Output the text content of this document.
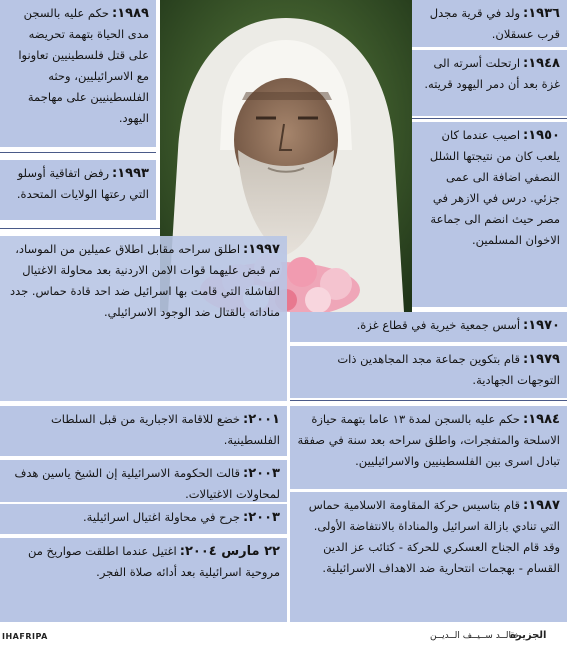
١٩٣٦:ولد في قرية مجدل قرب عسقلان.
١٩٤٨:ارتحلت أسرته الى غزة بعد أن دمر اليهود قريته.
١٩٥٠:اصيب عندما كان يلعب كان من نتيجتها الشلل النصفي اضافة الى عمى جزئي. درس في الازهر في مصر حيث انضم الى جماعة الاخوان المسلمين.
١٩٧٠:أسس جمعية خيرية في قطاع غزة.
١٩٧٩:قام بتكوين جماعة مجد المجاهدين ذات التوجهات الجهادية.
١٩٨٤:حكم عليه بالسجن لمدة ١٣ عاما بتهمة حيازة الاسلحة والمتفجرات، واطلق سراحه بعد سنة في صفقة تبادل اسرى بين الفلسطينيين والاسرائيليين.
١٩٨٧:قام بتاسيس حركة المقاومة الاسلامية حماس التي تنادي بازالة اسرائيل والمناداة بالانتفاضة الأولى. وقد قام الجناح العسكري للحركة - كتائب عز الدين القسام - بهجمات انتحارية ضد الاهداف الاسرائيلية.
١٩٨٩:حكم عليه بالسجن مدى الحياة بتهمة تحريضه على قتل فلسطينيين تعاونوا مع الاسرائيليين، وحثه الفلسطينيين على مهاجمة اليهود.
١٩٩٣:رفض اتفاقية أوسلو التي رعتها الولايات المتحدة.
١٩٩٧:اطلق سراحه مقابل اطلاق عميلين من الموساد، تم قبض عليهما قوات الامن الاردنية بعد محاولة الاغتيال الفاشلة التي قامت بها اسرائيل ضد احد قادة حماس. جدد مناداته بالقتال ضد الوجود الاسرائيلي.
٢٠٠١:خضع للاقامة الاجبارية من قبل السلطات الفلسطينية.
٢٠٠٣:قالت الحكومة الاسرائيلية إن الشيخ ياسين هدف لمحاولات الاغتيالات.
٢٠٠٣:جرح في محاولة اغتيال اسرائيلية.
٢٢ مارس ٢٠٠٤:اغتيل عندما اطلقت صواريخ من مروحية اسرائيلية بعد أدائه صلاة الفجر.
IHAFRIPA	خـالــد ســيــف الــديــن
الجزيرة
